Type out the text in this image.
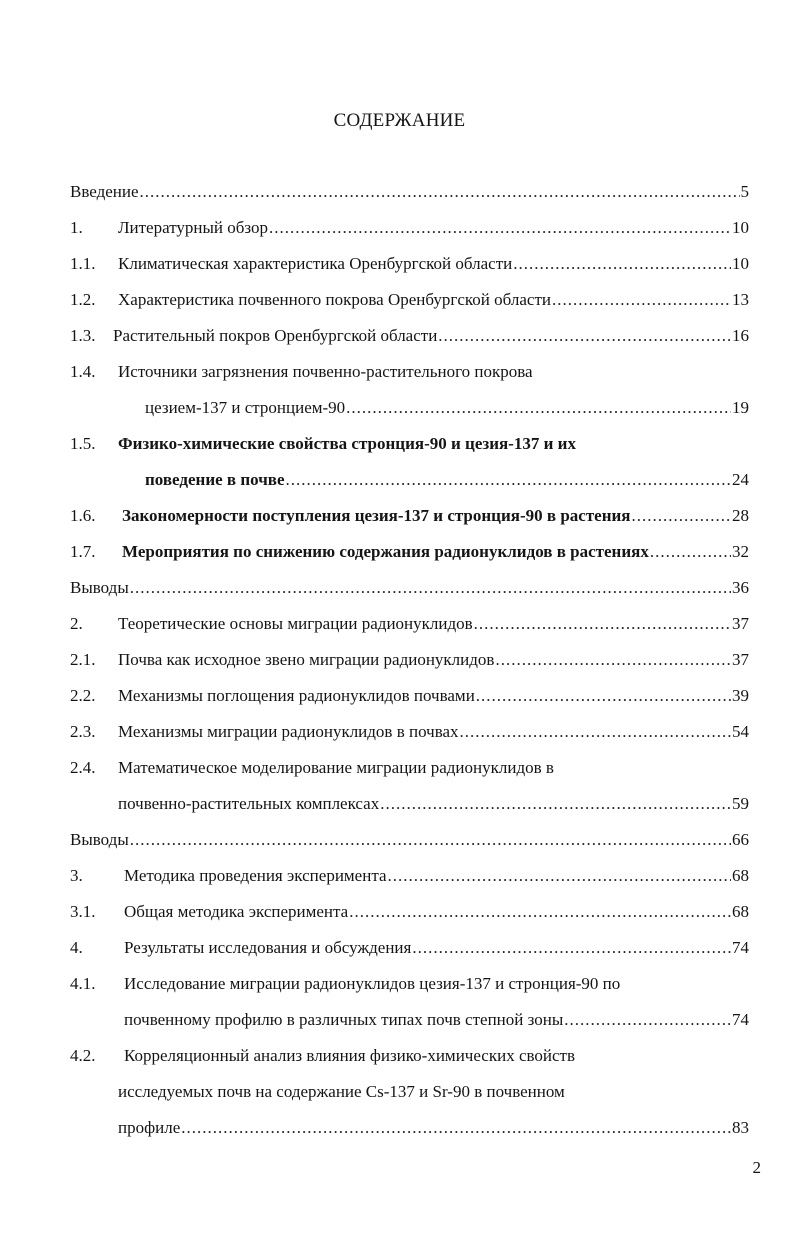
СОДЕРЖАНИЕ
Введение .....	5
1. Литературный обзор .....	10
1.1. Климатическая характеристика Оренбургской области .....	10
1.2. Характеристика почвенного покрова Оренбургской области .....	13
1.3. Растительный покров Оренбургской области .....	16
1.4. Источники загрязнения почвенно-растительного покрова
цезием-137 и стронцием-90 .....	19
1.5. Физико-химические свойства стронция-90 и цезия-137 и их
поведение в почве .....	24
1.6. Закономерности поступления цезия-137 и стронция-90 в растения .....	28
1.7. Мероприятия по снижению содержания радионуклидов в растениях .....	32
Выводы .....	36
2. Теоретические основы миграции радионуклидов .....	37
2.1. Почва как исходное звено миграции радионуклидов .....	37
2.2. Механизмы поглощения радионуклидов почвами .....	39
2.3. Механизмы миграции радионуклидов в почвах .....	54
2.4. Математическое моделирование миграции радионуклидов в
почвенно-растительных комплексах .....	59
Выводы .....	66
3. Методика проведения эксперимента .....	68
3.1. Общая методика эксперимента .....	68
4. Результаты исследования и обсуждения .....	74
4.1. Исследование миграции радионуклидов цезия-137 и стронция-90 по
почвенному профилю в различных типах почв степной зоны .....	74
4.2. Корреляционный анализ влияния физико-химических свойств
исследуемых почв на содержание Cs-137 и Sr-90 в почвенном
профиле .....	83
2
